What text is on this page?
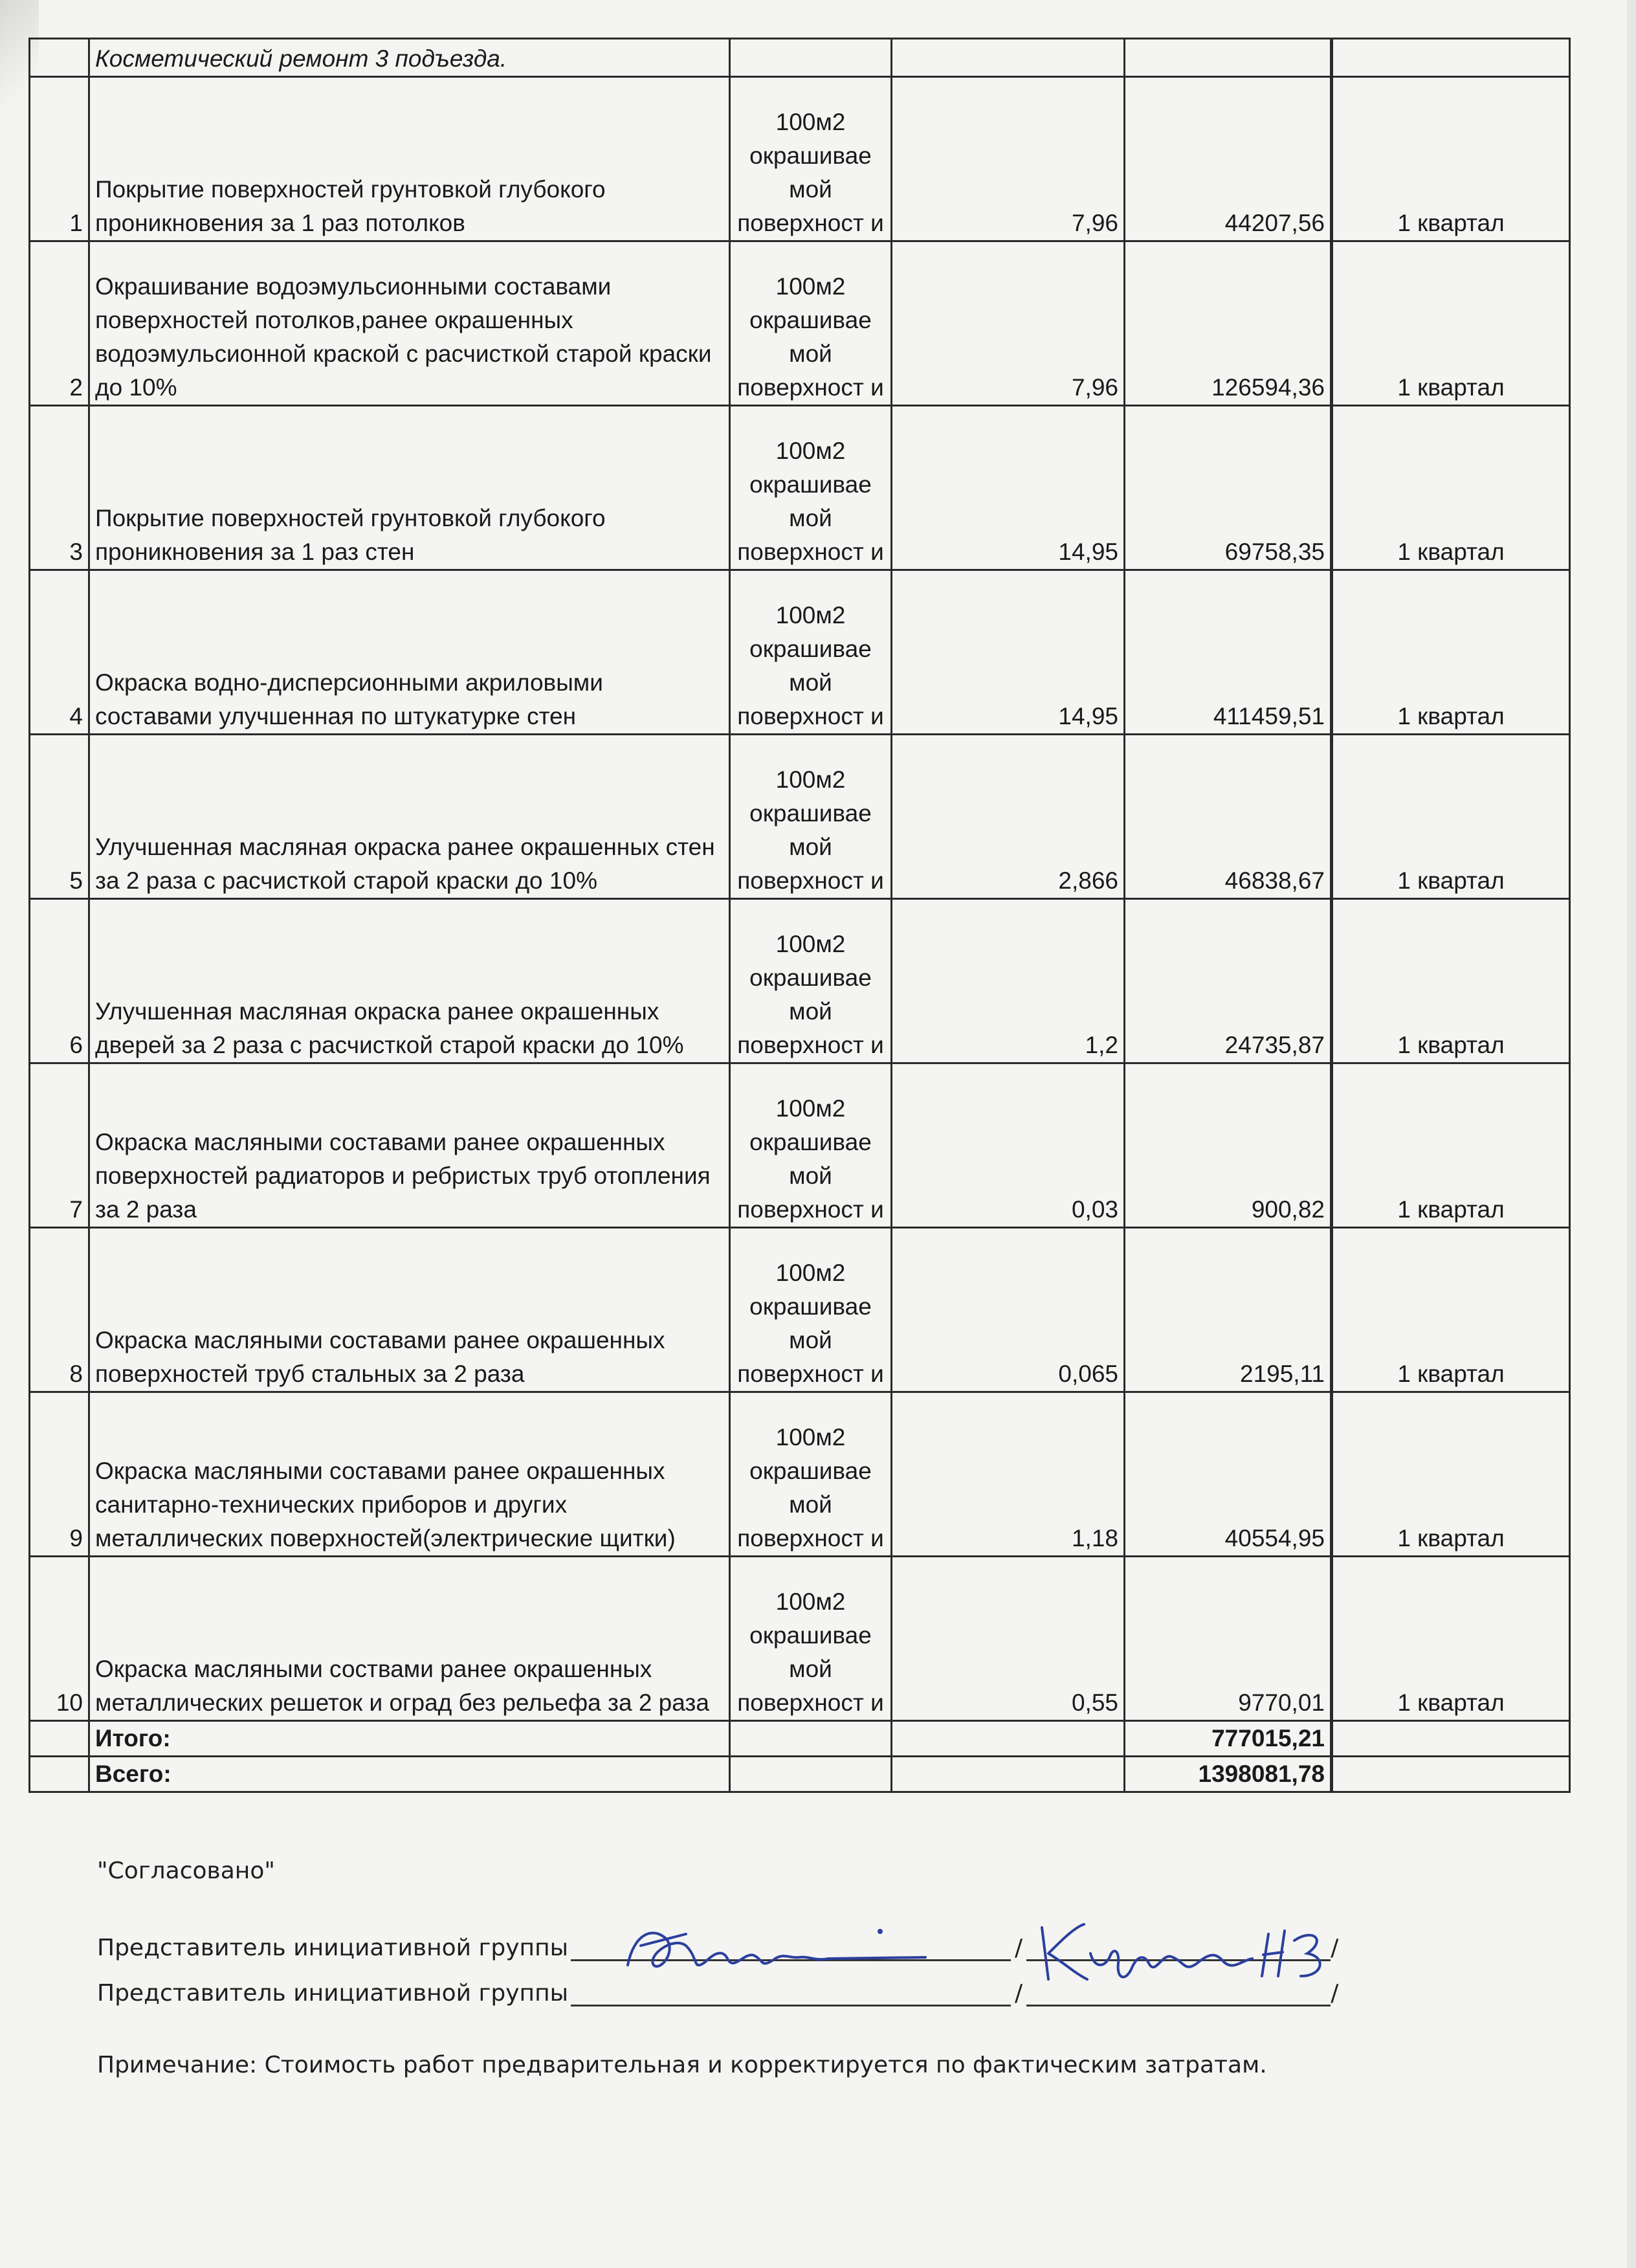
	Косметический ремонт 3 подъезда.				
1	Покрытие поверхностей грунтовкой глубокого проникновения за 1 раз потолков	100м2 окрашивае мой поверхност и	7,96	44207,56	1 квартал
2	Окрашивание водоэмульсионными составами поверхностей потолков,ранее окрашенных водоэмульсионной краской с расчисткой старой краски до 10%	100м2 окрашивае мой поверхност и	7,96	126594,36	1 квартал
3	Покрытие поверхностей грунтовкой глубокого проникновения за 1 раз стен	100м2 окрашивае мой поверхност и	14,95	69758,35	1 квартал
4	Окраска водно-дисперсионными акриловыми составами улучшенная по штукатурке стен	100м2 окрашивае мой поверхност и	14,95	411459,51	1 квартал
5	Улучшенная масляная окраска ранее окрашенных стен за 2 раза с расчисткой старой краски до 10%	100м2 окрашивае мой поверхност и	2,866	46838,67	1 квартал
6	Улучшенная масляная окраска ранее окрашенных дверей за 2 раза с расчисткой старой краски до 10%	100м2 окрашивае мой поверхност и	1,2	24735,87	1 квартал
7	Окраска масляными составами ранее окрашенных поверхностей радиаторов и ребристых труб отопления за 2 раза	100м2 окрашивае мой поверхност и	0,03	900,82	1 квартал
8	Окраска масляными составами ранее окрашенных поверхностей труб стальных за 2 раза	100м2 окрашивае мой поверхност и	0,065	2195,11	1 квартал
9	Окраска масляными составами ранее окрашенных санитарно-технических приборов и других металлических поверхностей(электрические щитки)	100м2 окрашивае мой поверхност и	1,18	40554,95	1 квартал
10	Окраска масляными соствами ранее окрашенных металлических решеток и оград без рельефа за 2 раза	100м2 окрашивае мой поверхност и	0,55	9770,01	1 квартал
	Итого:			777015,21	
	Всего:			1398081,78	
"Согласовано"
Представитель инициативной группы	/	/
Представитель инициативной группы	/	/
Примечание: Стоимость работ предварительная и корректируется по фактическим затратам.
